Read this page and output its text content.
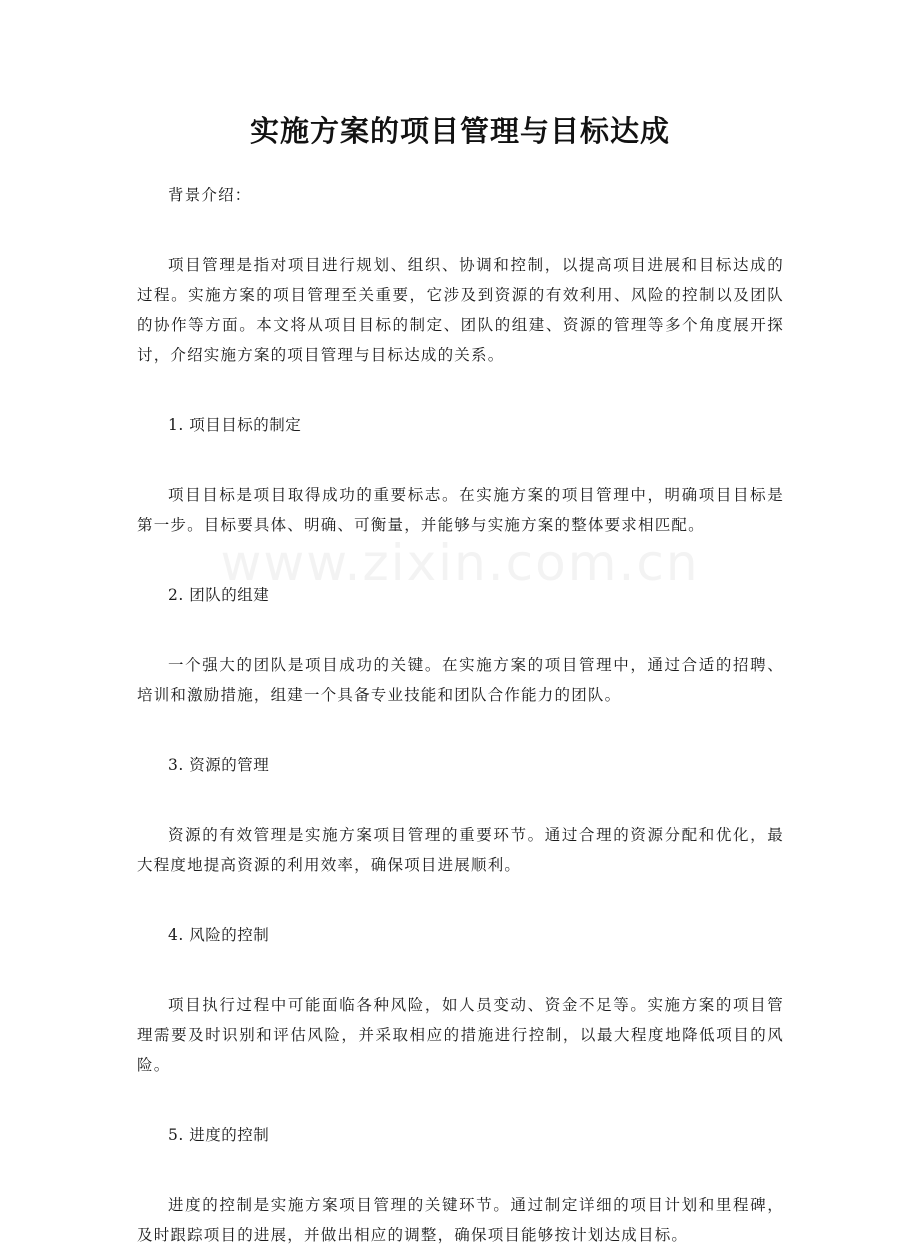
www.zixin.com.cn
实施方案的项目管理与目标达成

背景介绍：

项目管理是指对项目进行规划、组织、协调和控制，以提高项目进展和目标达成的过程。实施方案的项目管理至关重要，它涉及到资源的有效利用、风险的控制以及团队的协作等方面。本文将从项目目标的制定、团队的组建、资源的管理等多个角度展开探讨，介绍实施方案的项目管理与目标达成的关系。

1. 项目目标的制定

项目目标是项目取得成功的重要标志。在实施方案的项目管理中，明确项目目标是第一步。目标要具体、明确、可衡量，并能够与实施方案的整体要求相匹配。

2. 团队的组建

一个强大的团队是项目成功的关键。在实施方案的项目管理中，通过合适的招聘、培训和激励措施，组建一个具备专业技能和团队合作能力的团队。

3. 资源的管理

资源的有效管理是实施方案项目管理的重要环节。通过合理的资源分配和优化，最大程度地提高资源的利用效率，确保项目进展顺利。

4. 风险的控制

项目执行过程中可能面临各种风险，如人员变动、资金不足等。实施方案的项目管理需要及时识别和评估风险，并采取相应的措施进行控制，以最大程度地降低项目的风险。

5. 进度的控制

进度的控制是实施方案项目管理的关键环节。通过制定详细的项目计划和里程碑，及时跟踪项目的进展，并做出相应的调整，确保项目能够按计划达成目标。
